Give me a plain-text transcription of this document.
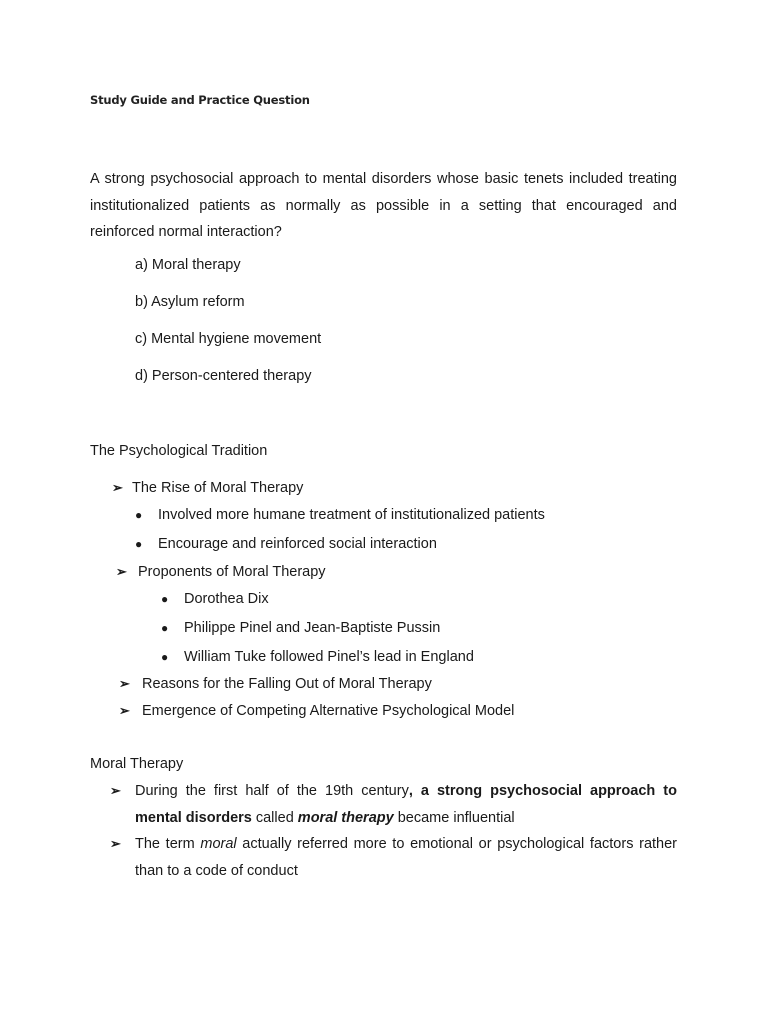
Study Guide and Practice Question
A strong psychosocial approach to mental disorders whose basic tenets included treating institutionalized patients as normally as possible in a setting that encouraged and reinforced normal interaction?
a) Moral therapy
b) Asylum reform
c) Mental hygiene movement
d) Person-centered therapy
The Psychological Tradition
➢ The Rise of Moral Therapy
●	Involved more humane treatment of institutionalized patients
●	Encourage and reinforced social interaction
➢ Proponents of Moral Therapy
●	Dorothea Dix
●	Philippe Pinel and Jean-Baptiste Pussin
●	William Tuke followed Pinel’s lead in England
➢ Reasons for the Falling Out of Moral Therapy
➢ Emergence of Competing Alternative Psychological Model
Moral Therapy
➢ During the first half of the 19th century, a strong psychosocial approach to mental disorders called moral therapy became influential
➢ The term moral actually referred more to emotional or psychological factors rather than to a code of conduct
